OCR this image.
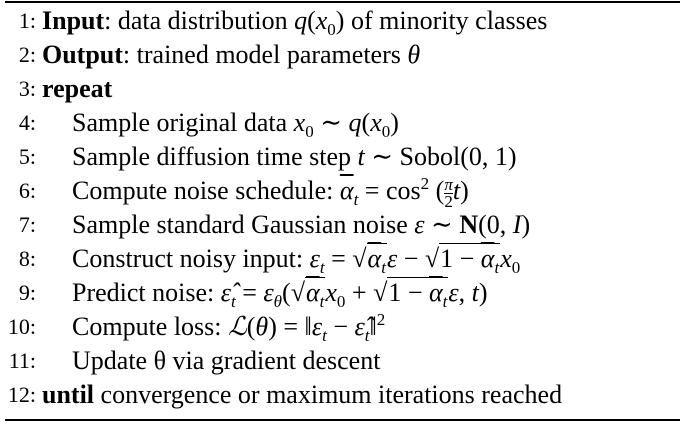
1: Input: data distribution $q(x_0)$ of minority classes
2: Output: trained model parameters θ
3: repeat
4: Sample original data $x_0$ ∼ $q(x_0)$
5: Sample diffusion time step t ∼ Sobol(0, 1)
6: Compute noise schedule: $\overline{\alpha}_t = \cos^2 (\frac{\pi}{2} t)$
7: Sample standard Gaussian noise ε ∼ N(0, I)
8: Construct noisy input: $\varepsilon_t = √\alpha_t\varepsilon - √1 - \overline{\alpha}_tx_0$
9: Predict noise: $\varepsilon̂_t = \varepsilon_\theta(√\alpha_tx_0 + √1 - \overline{\alpha}_t\varepsilon$, t)
10: Compute loss: ℒ(θ) = $‖\varepsilon_t$ − $\varepsilon̂_t‖^2$
11: Update θ via gradient descent
12: until convergence or maximum iterations reached
